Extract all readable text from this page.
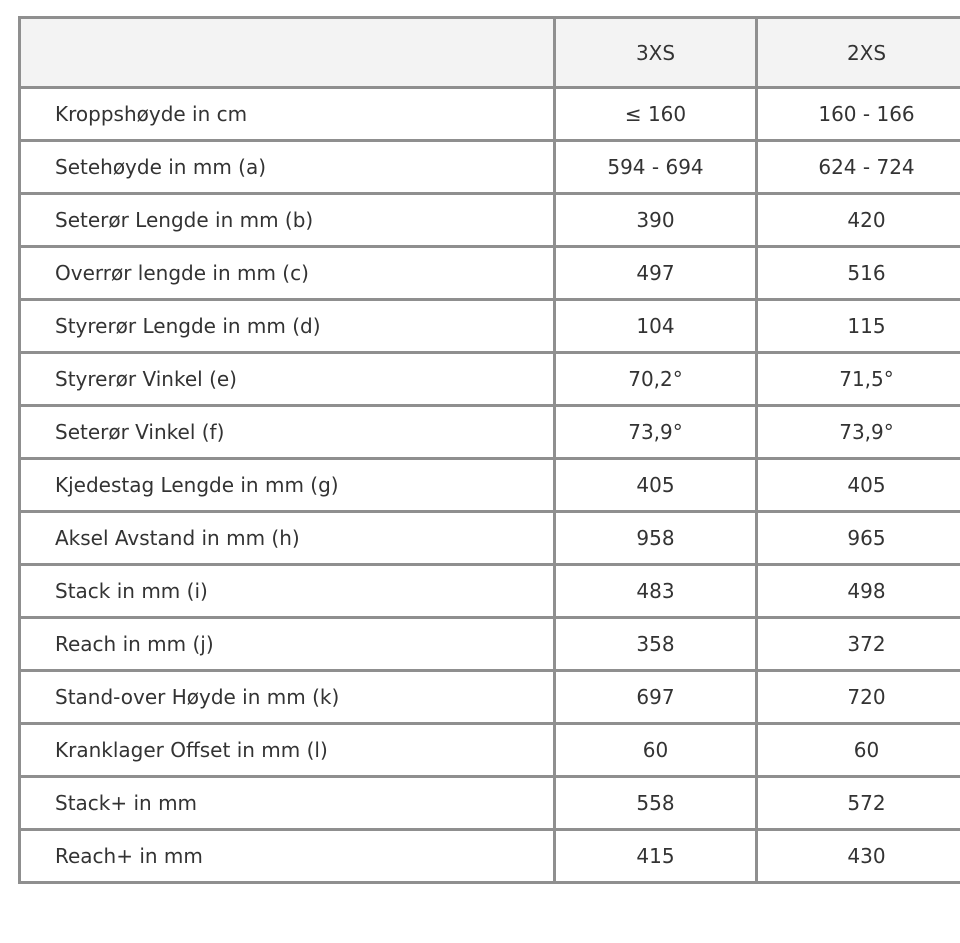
	3XS	2XS
Kroppshøyde in cm	≤ 160	160 - 166
Setehøyde in mm (a)	594 - 694	624 - 724
Seterør Lengde in mm (b)	390	420
Overrør lengde in mm (c)	497	516
Styrerør Lengde in mm (d)	104	115
Styrerør Vinkel (e)	70,2°	71,5°
Seterør Vinkel (f)	73,9°	73,9°
Kjedestag Lengde in mm (g)	405	405
Aksel Avstand in mm (h)	958	965
Stack in mm (i)	483	498
Reach in mm (j)	358	372
Stand-over Høyde in mm (k)	697	720
Kranklager Offset in mm (l)	60	60
Stack+ in mm	558	572
Reach+ in mm	415	430
